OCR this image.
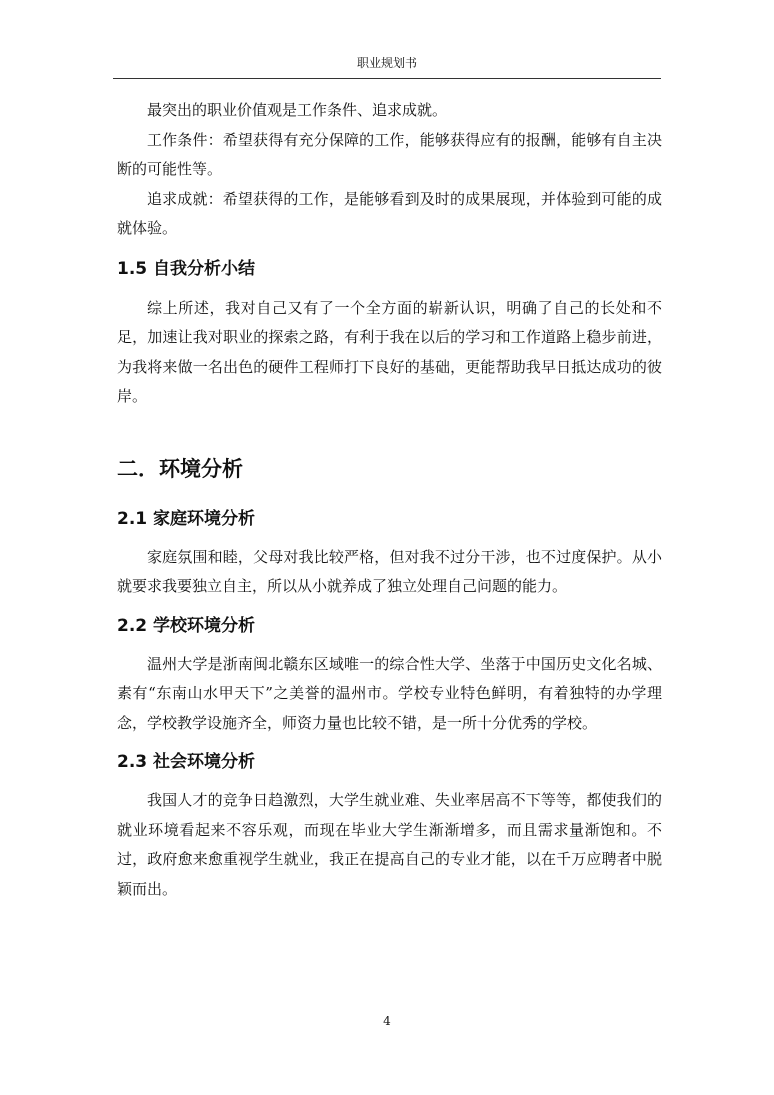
职业规划书

最突出的职业价值观是工作条件、追求成就。

工作条件：希望获得有充分保障的工作，能够获得应有的报酬，能够有自主决断的可能性等。

追求成就：希望获得的工作，是能够看到及时的成果展现，并体验到可能的成就体验。

1.5 自我分析小结

综上所述，我对自己又有了一个全方面的崭新认识，明确了自己的长处和不足，加速让我对职业的探索之路，有利于我在以后的学习和工作道路上稳步前进，为我将来做一名出色的硬件工程师打下良好的基础，更能帮助我早日抵达成功的彼岸。

二．环境分析
2.1 家庭环境分析

家庭氛围和睦，父母对我比较严格，但对我不过分干涉，也不过度保护。从小就要求我要独立自主，所以从小就养成了独立处理自己问题的能力。

2.2 学校环境分析

温州大学是浙南闽北赣东区域唯一的综合性大学、坐落于中国历史文化名城、素有“东南山水甲天下”之美誉的温州市。学校专业特色鲜明，有着独特的办学理念，学校教学设施齐全，师资力量也比较不错，是一所十分优秀的学校。

2.3 社会环境分析

我国人才的竞争日趋激烈，大学生就业难、失业率居高不下等等，都使我们的就业环境看起来不容乐观，而现在毕业大学生渐渐增多，而且需求量渐饱和。不过，政府愈来愈重视学生就业，我正在提高自己的专业才能，以在千万应聘者中脱颖而出。

4
